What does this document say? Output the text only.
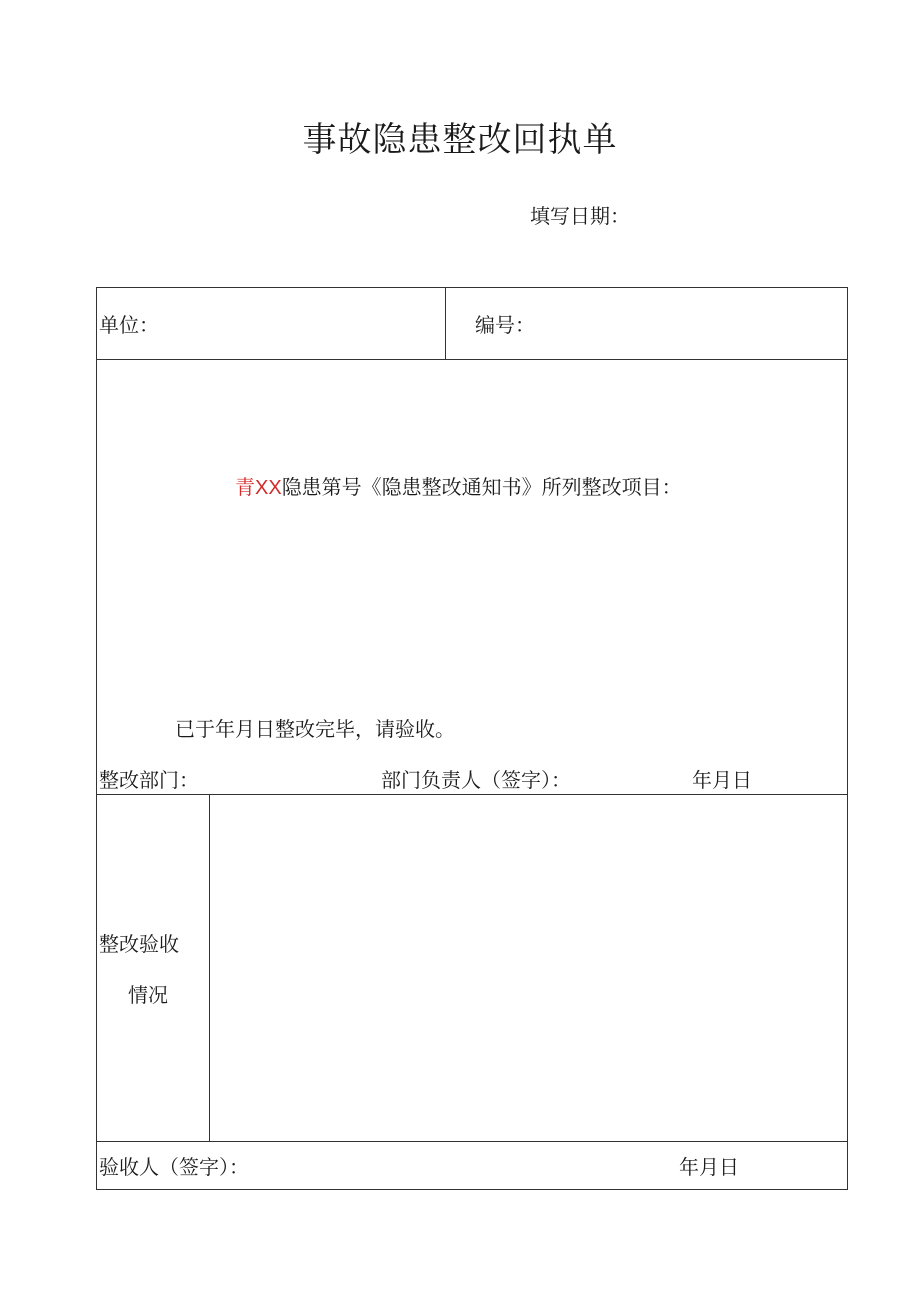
事故隐患整改回执单
填写日期：
单位：	编号：
青XX隐患第号《隐患整改通知书》所列整改项目：
已于年月日整改完毕，请验收。
整改部门：	部门负责人（签字）：	年月日
整改验收
情况
验收人（签字）：	年月日
